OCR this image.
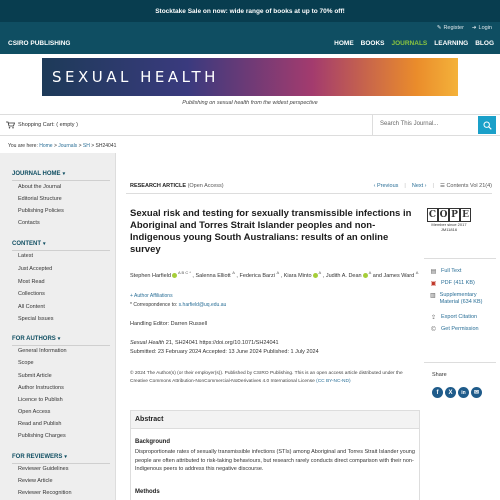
Stocktake Sale on now: wide range of books at up to 70% off!
✎ Register ➜ Login
CSIRO PUBLISHING	HOME BOOKS JOURNALS LEARNING BLOG
SEXUAL HEALTH
Publishing on sexual health from the widest perspective
Shopping Cart: ( empty )	Search This Journal...
You are here: Home > Journals > SH > SH24041
JOURNAL HOME ▾
About the Journal
Editorial Structure
Publishing Policies
Contacts
CONTENT ▾
Latest
Just Accepted
Most Read
Collections
All Content
Special Issues
FOR AUTHORS ▾
General Information
Scope
Submit Article
Author Instructions
Licence to Publish
Open Access
Read and Publish
Publishing Charges
FOR REVIEWERS ▾
Reviewer Guidelines
Review Article
Reviewer Recognition
RESEARCH ARTICLE (Open Access)	‹ Previous | Next › | ☰ Contents Vol 21(4)
Sexual risk and testing for sexually transmissible infections in Aboriginal and Torres Strait Islander peoples and non-Indigenous young South Australians: results of an online survey
Stephen Harfield$^{A B C *}$ , Salenna Elliott $^A$ , Federica Barzi $^A$ , Kiara Minto$^A$ , Judith A. Dean$^A$ and James Ward $^A$
+ Author Affiliations
* Correspondence to: s.harfield@uq.edu.au
Handling Editor: Darren Russell
Sexual Health 21, SH24041 https://doi.org/10.1071/SH24041
Submitted: 23 February 2024 Accepted: 13 June 2024 Published: 1 July 2024
© 2024 The Author(s) (or their employer(s)). Published by CSIRO Publishing. This is an open access article distributed under the Creative Commons Attribution-NonCommercial-NoDerivatives 4.0 International License (CC BY-NC-ND)
Abstract
Background
Disproportionate rates of sexually transmissible infections (STIs) among Aboriginal and Torres Strait Islander young people are often attributed to risk-taking behaviours, but research rarely conducts direct comparison with their non-Indigenous peers to address this negative discourse.
Methods
C O P E
Member since 2017
JM11816
▤ Full Text
▣ PDF (411 KB)
▥ Supplementary Material (634 KB)
⇪ Export Citation
© Get Permission
Share
f	X	in	✉
